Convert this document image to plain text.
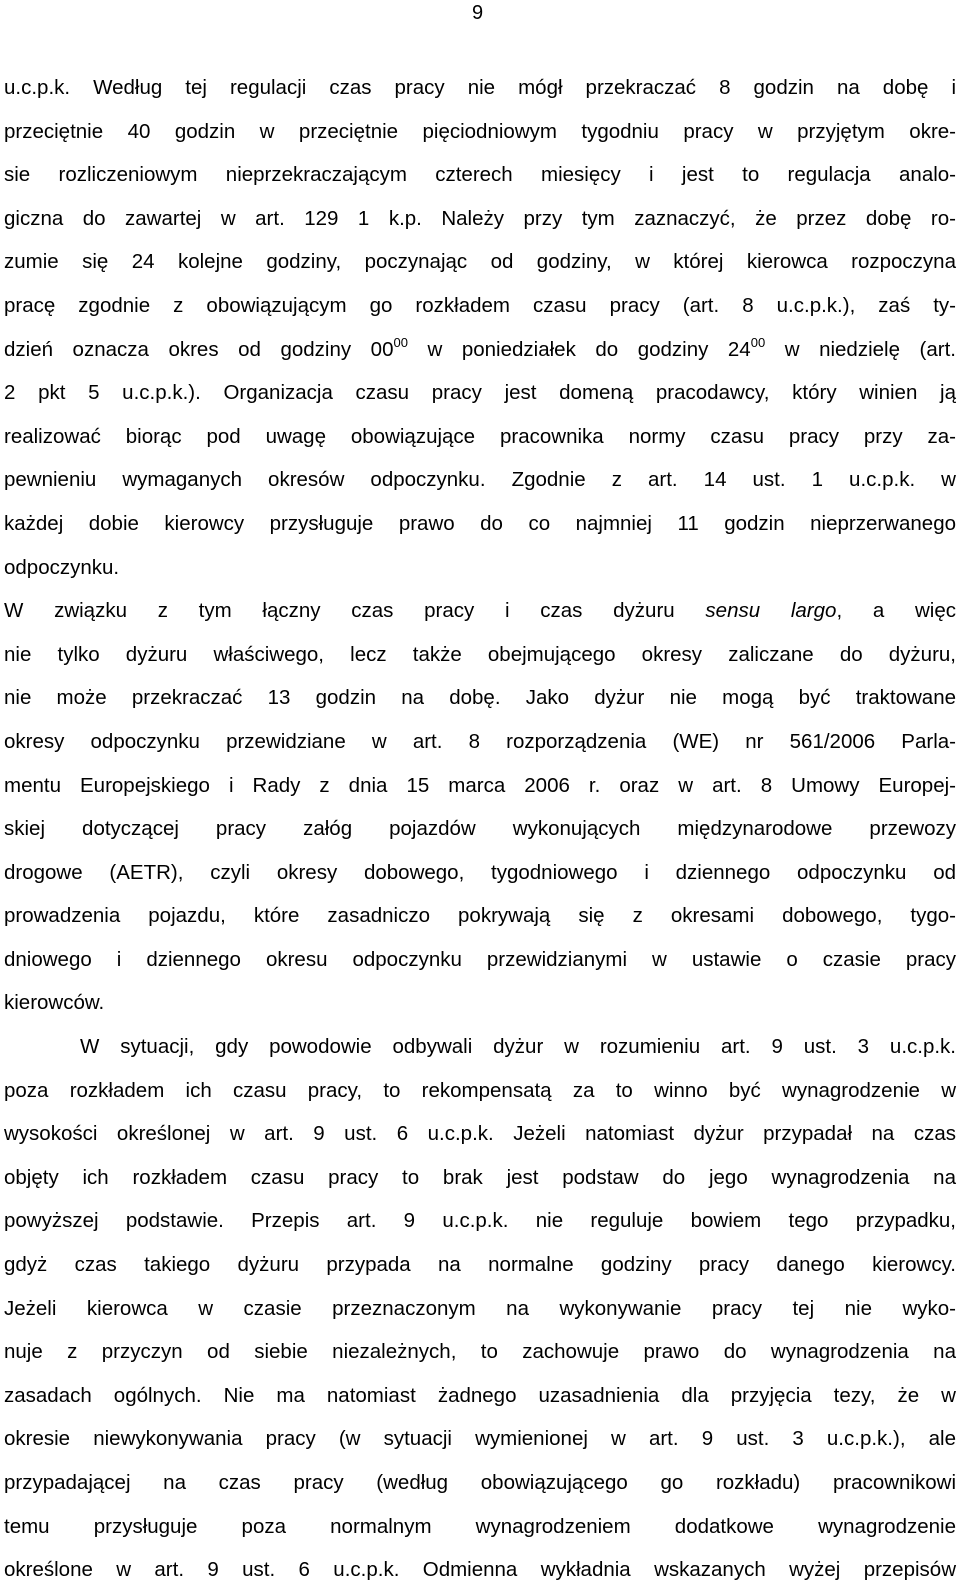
9
u.c.p.k. Według tej regulacji czas pracy nie mógł przekraczać 8 godzin na dobę i
przeciętnie 40 godzin w przeciętnie pięciodniowym tygodniu pracy w przyjętym okre-
sie rozliczeniowym nieprzekraczającym czterech miesięcy i jest to regulacja analo-
giczna do zawartej w art. 129 1 k.p. Należy przy tym zaznaczyć, że przez dobę ro-
zumie się 24 kolejne godziny, poczynając od godziny, w której kierowca rozpoczyna
pracę zgodnie z obowiązującym go rozkładem czasu pracy (art. 8 u.c.p.k.), zaś ty-
dzień oznacza okres od godziny $00^{00}$ w poniedziałek do godziny $24^{00}$ w niedzielę (art.
2 pkt 5 u.c.p.k.). Organizacja czasu pracy jest domeną pracodawcy, który winien ją
realizować biorąc pod uwagę obowiązujące pracownika normy czasu pracy przy za-
pewnieniu wymaganych okresów odpoczynku. Zgodnie z art. 14 ust. 1 u.c.p.k. w
każdej dobie kierowcy przysługuje prawo do co najmniej 11 godzin nieprzerwanego
odpoczynku.
W związku z tym łączny czas pracy i czas dyżuru sensu largo, a więc
nie tylko dyżuru właściwego, lecz także obejmującego okresy zaliczane do dyżuru,
nie może przekraczać 13 godzin na dobę. Jako dyżur nie mogą być traktowane
okresy odpoczynku przewidziane w art. 8 rozporządzenia (WE) nr 561/2006 Parla-
mentu Europejskiego i Rady z dnia 15 marca 2006 r. oraz w art. 8 Umowy Europej-
skiej dotyczącej pracy załóg pojazdów wykonujących międzynarodowe przewozy
drogowe (AETR), czyli okresy dobowego, tygodniowego i dziennego odpoczynku od
prowadzenia pojazdu, które zasadniczo pokrywają się z okresami dobowego, tygo-
dniowego i dziennego okresu odpoczynku przewidzianymi w ustawie o czasie pracy
kierowców.
W sytuacji, gdy powodowie odbywali dyżur w rozumieniu art. 9 ust. 3 u.c.p.k.
poza rozkładem ich czasu pracy, to rekompensatą za to winno być wynagrodzenie w
wysokości określonej w art. 9 ust. 6 u.c.p.k. Jeżeli natomiast dyżur przypadał na czas
objęty ich rozkładem czasu pracy to brak jest podstaw do jego wynagrodzenia na
powyższej podstawie. Przepis art. 9 u.c.p.k. nie reguluje bowiem tego przypadku,
gdyż czas takiego dyżuru przypada na normalne godziny pracy danego kierowcy.
Jeżeli kierowca w czasie przeznaczonym na wykonywanie pracy tej nie wyko-
nuje z przyczyn od siebie niezależnych, to zachowuje prawo do wynagrodzenia na
zasadach ogólnych. Nie ma natomiast żadnego uzasadnienia dla przyjęcia tezy, że w
okresie niewykonywania pracy (w sytuacji wymienionej w art. 9 ust. 3 u.c.p.k.), ale
przypadającej na czas pracy (według obowiązującego go rozkładu) pracownikowi
temu przysługuje poza normalnym wynagrodzeniem dodatkowe wynagrodzenie
określone w art. 9 ust. 6 u.c.p.k. Odmienna wykładnia wskazanych wyżej przepisów
